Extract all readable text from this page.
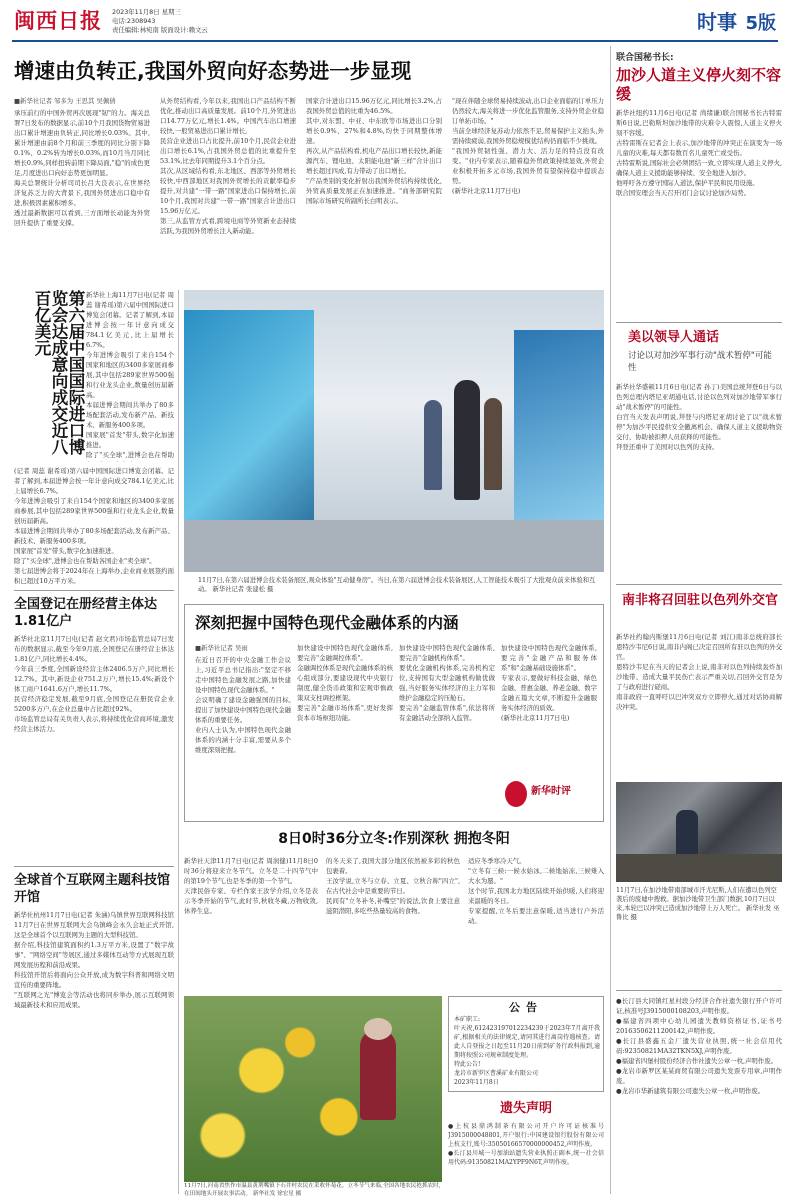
闽西日报 2023年11月8日 星期三
电话:2308943
责任编辑:林宛南 版面设计:赖文云	时事 5版
联合国秘书长:
加沙人道主义停火刻不容缓
新华社纽约11月6日电(记者 尚绪谦)联合国秘书长古特雷斯6日说,巴勒斯坦加沙地带的灾难令人震惊,人道主义停火刻不容缓。
古特雷斯在记者会上表示,加沙地带的冲突正在演变为一场儿童的灾难,每天都有数百名儿童死亡或受伤。
古特雷斯说,国际社会必须团结一致,立即实现人道主义停火,确保人道主义援助能够持续、安全地进入加沙。
他呼吁各方遵守国际人道法,保护平民和民用设施。
联合国安理会当天召开闭门会议讨论加沙局势。
美以领导人通话
讨论以对加沙军事行动"战术暂停"可能性
新华社华盛顿11月6日电(记者 孙丁)美国总统拜登6日与以色列总理内塔尼亚胡通电话,讨论以色列对加沙地带军事行动"战术暂停"的可能性。
白宫当天发表声明说,拜登与内塔尼亚胡讨论了以"战术暂停"为加沙平民提供安全撤离机会、确保人道主义援助物资交付、协助被扣押人员获释的可能性。
拜登还重申了美国对以色列的支持。
南非将召回驻以色列外交官
新华社约翰内斯堡11月6日电(记者 刘江)南非总统府部长恩特沙韦尼6日说,南非内阁已决定召回所有驻以色列的外交官。
恩特沙韦尼在当天的记者会上说,南非对以色列持续轰炸加沙地带、造成大量平民伤亡表示严重关切,召回外交官是为了与政府进行磋商。
南非政府一直呼吁以巴冲突双方立即停火,通过对话协商解决冲突。
11月7日,在加沙地带南部城市汗尤尼斯,人们在遭以色列空袭后的废墟中搜救。据加沙地带卫生部门数据,10月7日以来,本轮巴以冲突已造成加沙地带上万人死亡。 新华社发 巫鲁比 摄
●长汀县大同镇红星村段分经济合作社遗失银行开户许可证,核准号J3915000108203,声明作废。
●福建省四项中心幼儿园遗失教师资格证书,证书号20163506211200142,声明作废。
●长汀县盛鑫五金厂遗失营业执照,统一社会信用代码:92350821MA32TKN5XJ,声明作废。
●福建省四堡村股份经济合作社遗失公章一枚,声明作废。
●龙岩市新罗区某某商贸有限公司遗失发票专用章,声明作废。
●龙岩市华新建筑有限公司遗失公章一枚,声明作废。
增速由负转正,我国外贸向好态势进一步显现
■新华社记者 邹多为 王思其 吴佩倩
承压前行的中国外贸再次展现"韧"的力。海关总署7日发布的数据显示,前10个月我国货物贸易进出口累计增速由负转正,同比增长0.03%。其中,累计增速由前8个月和前三季度的同比分别下降0.1%、0.2%转为增长0.03%,而10月当月同比增长0.9%,同样扭转前期下降局面,"稳"的成色更足,月度进出口向好态势更加明显。
海关总署统计分析司司长吕大良表示,在世界经济复苏乏力的大背景下,我国外贸进出口稳中有进,积极因素累积增多。
透过最新数据可以看到,三方面增长动能为外贸回升提供了重要支撑。
从外贸结构看,今年以来,我国出口产品结构不断优化,推动出口高质量发展。前10个月,外贸进出口14.77万亿元,增长1.4%。中国汽车出口增速较快,一般贸易进出口累计增长,
民营企业进出口占比提升,前10个月,民营企业进出口增长6.1%,占我国外贸总值的比重提升至53.1%,比去年同期提升3.1个百分点。
其次,从区域结构看,东北地区、西部等外贸增长较快,中西部地区对我国外贸增长的贡献率稳步提升,对共建"一带一路"国家进出口保持增长,前10个月,我国对共建"一带一路"国家合计进出口15.96万亿元。
第三,从监管方式看,跨境电商等外贸新业态持续活跃,为我国外贸增长注入新动能。
国家合计进出口15.96万亿元,同比增长3.2%,占我国外贸总值的比重为46.5%。
其中,对东盟、中亚、中东欧等市场进出口分别增长0.9%、27%和4.8%,均快于同期整体增速。
再次,从产品结构看,机电产品出口增长较快,新能源汽车、锂电池、太阳能电池"新三样"合计出口增长超过四成,有力带动了出口增长。
"产品类别的变化折射出我国外贸结构持续优化,外贸高质量发展正在加速推进。"商务部研究院国际市场研究所副所长白明表示。
"现在伴随全球贸易持续波动,出口企业面临的订单压力仍然较大,海关将进一步优化监管服务,支持外贸企业稳订单拓市场。"
当前全球经济复苏动力依然不足,贸易保护主义抬头,外需持续疲弱,我国外贸稳规模优结构仍面临不少挑战。
"我国外贸韧性强、潜力大、活力足的特点没有改变。"业内专家表示,随着稳外贸政策持续显效,外贸企业积极开拓多元市场,我国外贸有望保持稳中提质态势。
(新华社北京11月7日电)
第六届中国国际进口博览会达成意向成交近八百亿美元	新华社上海11月7日电(记者 周蕊 谢希瑶)第六届中国国际进口博览会闭幕。记者了解到,本届进博会按一年计意向成交784.1亿美元,比上届增长6.7%。
今年进博会吸引了来自154个国家和地区的3400多家展商参展,其中包括289家世界500强和行业龙头企业,数量创历届新高。
本届进博会期间共举办了80多场配套活动,发布新产品、新技术、新服务400多项。
国家展"首发"带头,数字化加速推进。
除了"买全球",进博会也在帮助

(记者 周蕊 谢希瑶)第六届中国国际进口博览会闭幕。记者了解到,本届进博会按一年计意向成交784.1亿美元,比上届增长6.7%。
今年进博会吸引了来自154个国家和地区的3400多家展商参展,其中包括289家世界500强和行业龙头企业,数量创历届新高。
本届进博会期间共举办了80多场配套活动,发布新产品、新技术、新服务400多项。
国家展"首发"带头,数字化加速推进。
除了"买全球",进博会也在帮助各国企业"卖全球"。
第七届进博会将于2024年在上海举办,企业商业展签约面积已超过10万平方米。
全国登记在册经营主体达1.81亿户
新华社北京11月7日电(记者 赵文君)市场监管总局7日发布的数据显示,截至今年9月底,全国登记在册经营主体达1.81亿户,同比增长4.4%。
今年前三季度,全国新设经营主体2406.5万户,同比增长12.7%。其中,新设企业751.2万户,增长15.4%;新设个体工商户1641.6万户,增长11.7%。
民营经济稳定发展,截至9月底,全国登记在册民营企业5200多万户,在企业总量中占比超过92%。
市场监管总局有关负责人表示,将持续优化营商环境,激发经营主体活力。
全球首个互联网主题科技馆开馆
新华社杭州11月7日电(记者 朱涵)乌镇世界互联网科技馆11月7日在世界互联网大会乌镇峰会永久会址正式开馆,这是全球首个以互联网为主题的大型科技馆。
据介绍,科技馆建筑面积约1.3万平方米,设置了"数字故事"、"网络空间"等展区,通过多媒体互动等方式展现互联网发展历程和前沿成果。
科技馆开馆后将面向公众开放,成为数字科普和网络文明宣传的重要阵地。
"互联网之光"博览会等活动也将同步举办,展示互联网领域最新技术和应用成果。
11月7日,在第六届进博会技术装备展区,观众体验"互动健身房"。当日,在第六届进博会技术装备展区,人工智能技术吸引了大批观众前来体验和互动。 新华社记者 张建松 摄
深刻把握中国特色现代金融体系的内涵
■新华社记者 吴雨
在近日召开的中央金融工作会议上,习近平总书记指出:"坚定不移走中国特色金融发展之路,加快建设中国特色现代金融体系。"
会议明确了建设金融强国的目标,提出了加快建设中国特色现代金融体系的重要任务。
业内人士认为,中国特色现代金融体系的内涵十分丰富,需要从多个维度深刻把握。
加快建设中国特色现代金融体系,要完善"金融调控体系"。
金融调控体系是现代金融体系的核心组成部分,要建设现代中央银行制度,健全货币政策和宏观审慎政策双支柱调控框架。
要完善"金融市场体系",更好发挥资本市场枢纽功能。
加快建设中国特色现代金融体系,要完善"金融机构体系"。
要优化金融机构体系,完善机构定位,支持国有大型金融机构做优做强,当好服务实体经济的主力军和维护金融稳定的压舱石。
要完善"金融监管体系",依法将所有金融活动全部纳入监管。
加快建设中国特色现代金融体系,要完善"金融产品和服务体系"和"金融基础设施体系"。
专家表示,要做好科技金融、绿色金融、普惠金融、养老金融、数字金融五篇大文章,不断提升金融服务实体经济的质效。
(新华社北京11月7日电)
新华时评
8日0时36分立冬:作别深秋 拥抱冬阳
新华社天津11月7日电(记者 周润健)11月8日0时36分将迎来立冬节气。立冬是二十四节气中的第19个节气,也是冬季的第一个节气。
天津民俗专家、专栏作家王汝学介绍,立冬是表示冬季开始的节气,此时节,秋收冬藏,万物收敛,休养生息。
的冬天来了,我国大部分地区依然被多彩的秋色包裹着。
王汝学说,立冬与立春、立夏、立秋合称"四立",在古代社会中是重要的节日。
民间有"立冬补冬,补嘴空"的说法,饮食上要注意滋阴潜阳,多吃些热量较高的食物。
适应冬季寒冷天气。
"立冬有三候:一候水始冰,二候地始冻,三候雉入大水为蜃。"
这个时节,我国北方地区陆续开始供暖,人们将迎来温暖的冬日。
专家提醒,立冬后要注意保暖,适当进行户外活动。
11月7日,河南省焦作市温县黄荆嘴镇下石井村农民在采收怀菊花。立冬节气来临,全国各地农民抢抓农时,在田间地头开展农事活动。 新华社发 徐宏星 摄
公告
本矿职工:
叶天祝,612423197012234239于2023年7月离开我矿,根据相关的法律规定,请同其进行离岗待遇核查。请此人自登报之日起至11月20日前到矿务行政科报到,逾期将按照公司规章制度处理。
特此公告!
龙岩市新罗区曹溪矿业有限公司
2023年11月8日
遗失声明
●上杭县鼎鸿制茶有限公司开户许可证核准号J3915000048801,开户银行:中国建设银行股份有限公司上杭支行,账号:35050166570000000452,声明作废。
●长汀县川城一号加油站遗失营业执照正副本,统一社会信用代码:91350821MA2YPF9N6T,声明作废。
